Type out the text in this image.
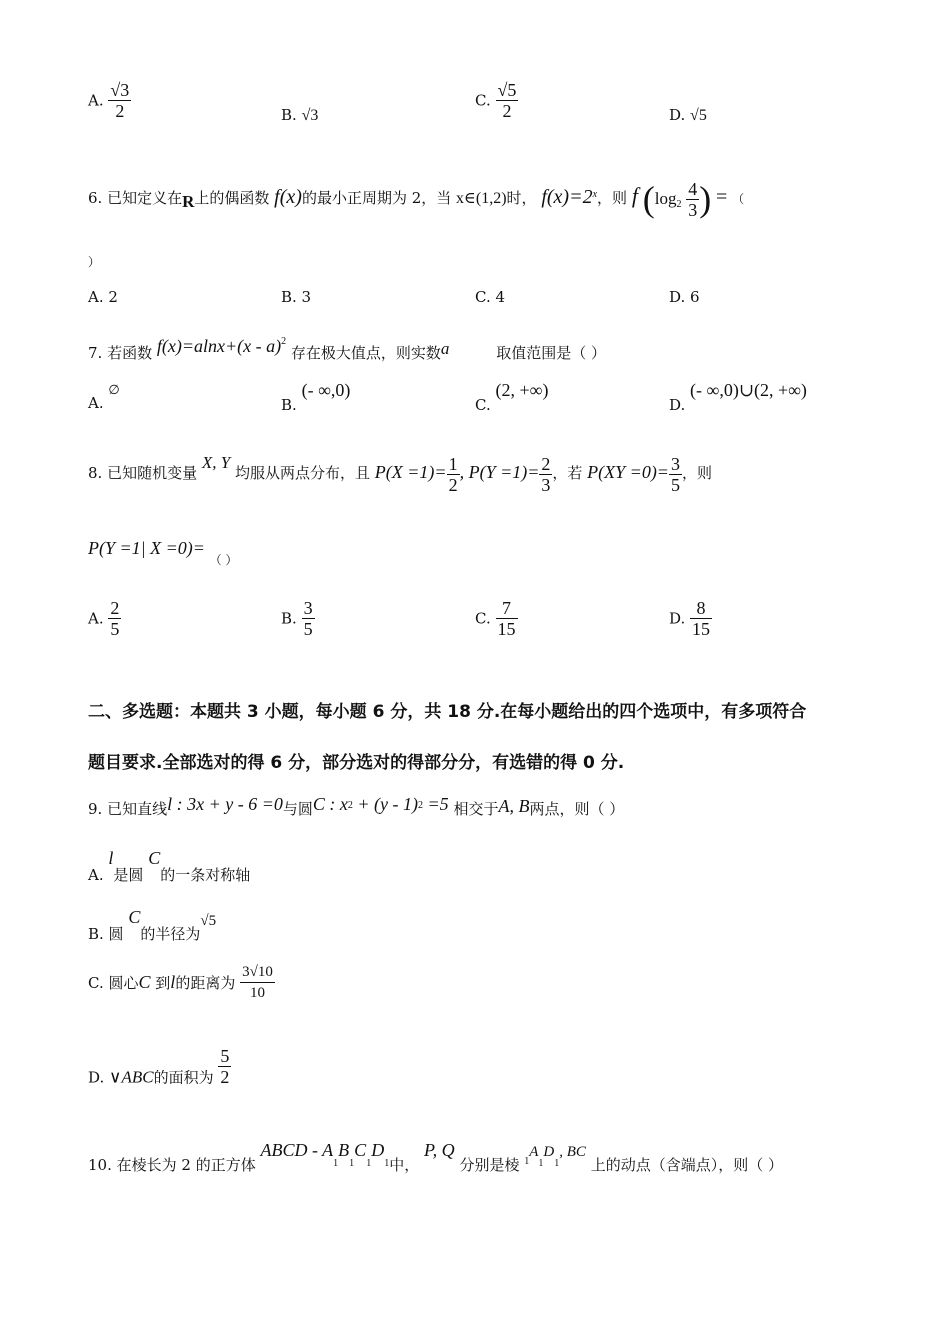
A. $\frac{√3}{2}$	B. √3
C. $\frac{√5}{2}$	D. √5
6. 已知定义在R上的偶函数 f(x)的最小正周期为 2，当 x∈(1,2)时， $f(x)=2^x$，则 f ($\log_2 \frac{4}{3}$ ) = （
）
A. 2	B. 3	C. 4	D. 6
7. 若函数 f(x)=alnx+(x - a)$^2$ 存在极大值点，则实数a	取值范围是（ ）
A. ∅
B. (- ∞,0)
C. (2, +∞)
D. (- ∞,0)∪(2, +∞)
8. 已知随机变量 X, Y 均服从两点分布，且 $P(X =1)= \frac{1}{2}$ , $P(Y =1)= \frac{2}{3}$ ，若 $P(XY =0)= \frac{3}{5}$ ，则
P(Y =1| X =0)= $_{( )}$
A. $\frac{2}{5}$	B. $\frac{3}{5}$	C. $\frac{7}{15}$	D. $\frac{8}{15}$
二、多选题：本题共 3 小题，每小题 6 分，共 18 分.在每小题给出的四个选项中，有多项符合
题目要求.全部选对的得 6 分，部分选对的得部分分，有选错的得 0 分.
9. 已知直线l : 3x + y - 6 =0与圆C : $x^2 + (y - 1)^2 =5$ 相交于A, B两点，则（ ）
A. l是圆 C的一条对称轴
B. 圆 C的半径为√5
C. 圆心C 到l的距离为 $\frac{3√10}{10}$
D. ∨ABC的面积为 $\frac{5}{2}$
10. 在棱长为 2 的正方体 ABCD - $A_1B_1C_1D_1$中， P, Q 分别是棱 $_1A_1D_1$, BC 上的动点（含端点），则（ ）
